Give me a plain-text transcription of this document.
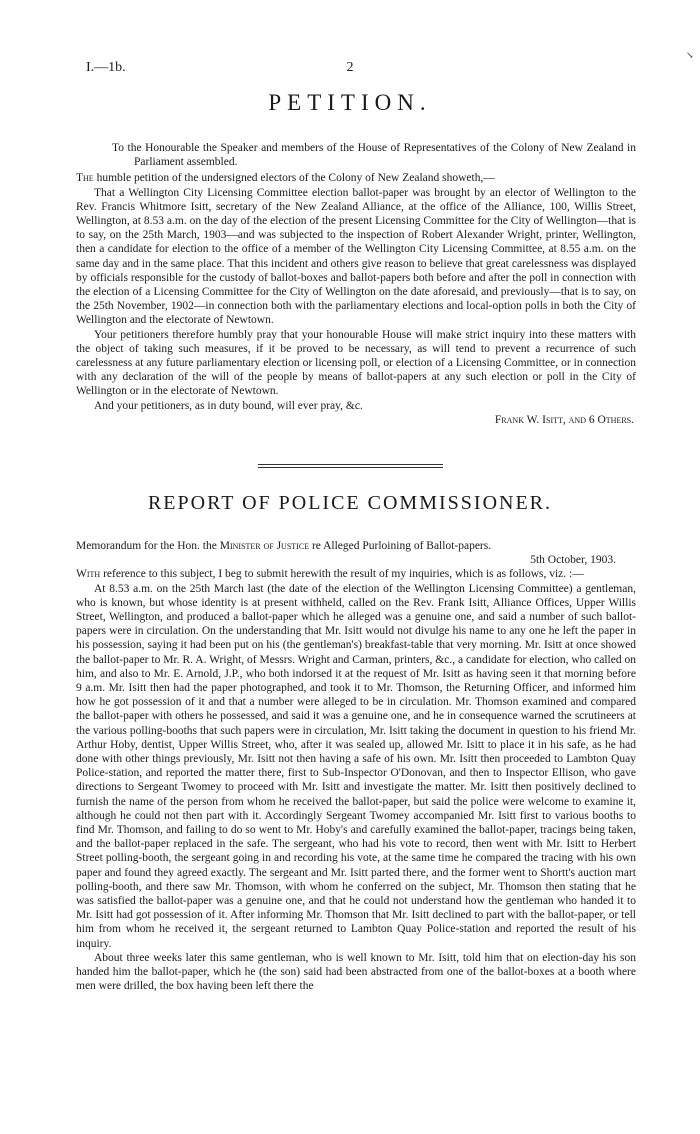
I.—1b.	2
↘
PETITION.

To the Honourable the Speaker and members of the House of Representatives of the Colony of New Zealand in Parliament assembled.

The humble petition of the undersigned electors of the Colony of New Zealand showeth,—

That a Wellington City Licensing Committee election ballot-paper was brought by an elector of Wellington to the Rev. Francis Whitmore Isitt, secretary of the New Zealand Alliance, at the office of the Alliance, 100, Willis Street, Wellington, at 8.53 a.m. on the day of the election of the present Licensing Committee for the City of Wellington—that is to say, on the 25th March, 1903—and was subjected to the inspection of Robert Alexander Wright, printer, Wellington, then a candidate for election to the office of a member of the Wellington City Licensing Committee, at 8.55 a.m. on the same day and in the same place. That this incident and others give reason to believe that great carelessness was displayed by officials responsible for the custody of ballot-boxes and ballot-papers both before and after the poll in connection with the election of a Licensing Committee for the City of Wellington on the date aforesaid, and previously—that is to say, on the 25th November, 1902—in connection both with the parliamentary elections and local-option polls in both the City of Wellington and the electorate of Newtown.

Your petitioners therefore humbly pray that your honourable House will make strict inquiry into these matters with the object of taking such measures, if it be proved to be necessary, as will tend to prevent a recurrence of such carelessness at any future parliamentary election or licensing poll, or election of a Licensing Committee, or in connection with any declaration of the will of the people by means of ballot-papers at any such election or poll in the City of Wellington or in the electorate of Newtown.

And your petitioners, as in duty bound, will ever pray, &c.

Frank W. Isitt, and 6 Others.

REPORT OF POLICE COMMISSIONER.

Memorandum for the Hon. the Minister of Justice re Alleged Purloining of Ballot-papers.

5th October, 1903.

With reference to this subject, I beg to submit herewith the result of my inquiries, which is as follows, viz. :—

At 8.53 a.m. on the 25th March last (the date of the election of the Wellington Licensing Committee) a gentleman, who is known, but whose identity is at present withheld, called on the Rev. Frank Isitt, Alliance Offices, Upper Willis Street, Wellington, and produced a ballot-paper which he alleged was a genuine one, and said a number of such ballot-papers were in circulation. On the understanding that Mr. Isitt would not divulge his name to any one he left the paper in his possession, saying it had been put on his (the gentleman's) breakfast-table that very morning. Mr. Isitt at once showed the ballot-paper to Mr. R. A. Wright, of Messrs. Wright and Carman, printers, &c., a candidate for election, who called on him, and also to Mr. E. Arnold, J.P., who both indorsed it at the request of Mr. Isitt as having seen it that morning before 9 a.m. Mr. Isitt then had the paper photographed, and took it to Mr. Thomson, the Returning Officer, and informed him how he got possession of it and that a number were alleged to be in circulation. Mr. Thomson examined and compared the ballot-paper with others he possessed, and said it was a genuine one, and he in consequence warned the scrutineers at the various polling-booths that such papers were in circulation, Mr. Isitt taking the document in question to his friend Mr. Arthur Hoby, dentist, Upper Willis Street, who, after it was sealed up, allowed Mr. Isitt to place it in his safe, as he had done with other things previously, Mr. Isitt not then having a safe of his own. Mr. Isitt then proceeded to Lambton Quay Police-station, and reported the matter there, first to Sub-Inspector O'Donovan, and then to Inspector Ellison, who gave directions to Sergeant Twomey to proceed with Mr. Isitt and investigate the matter. Mr. Isitt then positively declined to furnish the name of the person from whom he received the ballot-paper, but said the police were welcome to examine it, although he could not then part with it. Accordingly Sergeant Twomey accompanied Mr. Isitt first to various booths to find Mr. Thomson, and failing to do so went to Mr. Hoby's and carefully examined the ballot-paper, tracings being taken, and the ballot-paper replaced in the safe. The sergeant, who had his vote to record, then went with Mr. Isitt to Herbert Street polling-booth, the sergeant going in and recording his vote, at the same time he compared the tracing with his own paper and found they agreed exactly. The sergeant and Mr. Isitt parted there, and the former went to Shortt's auction mart polling-booth, and there saw Mr. Thomson, with whom he conferred on the subject, Mr. Thomson then stating that he was satisfied the ballot-paper was a genuine one, and that he could not understand how the gentleman who handed it to Mr. Isitt had got possession of it. After informing Mr. Thomson that Mr. Isitt declined to part with the ballot-paper, or tell him from whom he received it, the sergeant returned to Lambton Quay Police-station and reported the result of his inquiry.

About three weeks later this same gentleman, who is well known to Mr. Isitt, told him that on election-day his son handed him the ballot-paper, which he (the son) said had been abstracted from one of the ballot-boxes at a booth where men were drilled, the box having been left there the
